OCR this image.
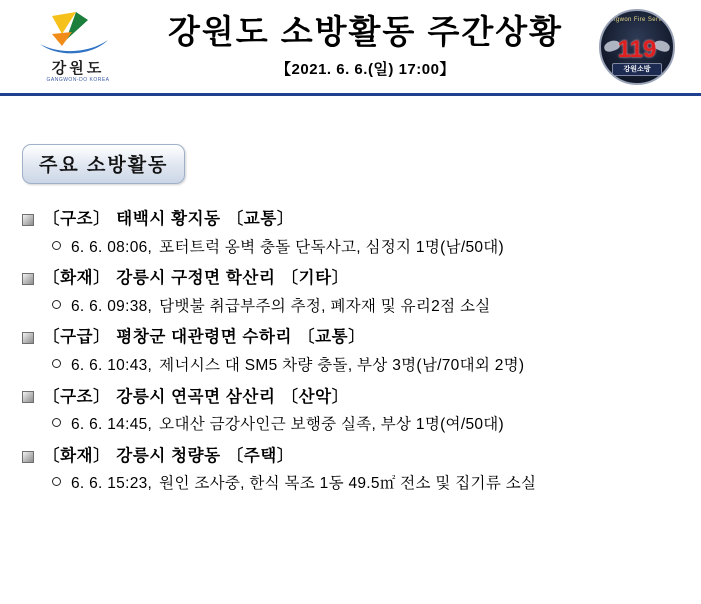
강원도
GANGWON-DO KOREA
강원도 소방활동 주간상황
【2021. 6. 6.(일) 17:00】
Gangwon Fire Service
119
강원소방
주요 소방활동
〔구조〕 태백시 황지동 〔교통〕
6. 6. 08:06, 포터트럭 옹벽 충돌 단독사고, 심정지 1명(남/50대)
〔화재〕 강릉시 구정면 학산리 〔기타〕
6. 6. 09:38, 담뱃불 취급부주의 추정, 폐자재 및 유리2점 소실
〔구급〕 평창군 대관령면 수하리 〔교통〕
6. 6. 10:43, 제너시스 대 SM5 차량 충돌, 부상 3명(남/70대외 2명)
〔구조〕 강릉시 연곡면 삼산리 〔산악〕
6. 6. 14:45, 오대산 금강사인근 보행중 실족, 부상 1명(여/50대)
〔화재〕 강릉시 청량동 〔주택〕
6. 6. 15:23, 원인 조사중, 한식 목조 1동 49.5㎡ 전소 및 집기류 소실
